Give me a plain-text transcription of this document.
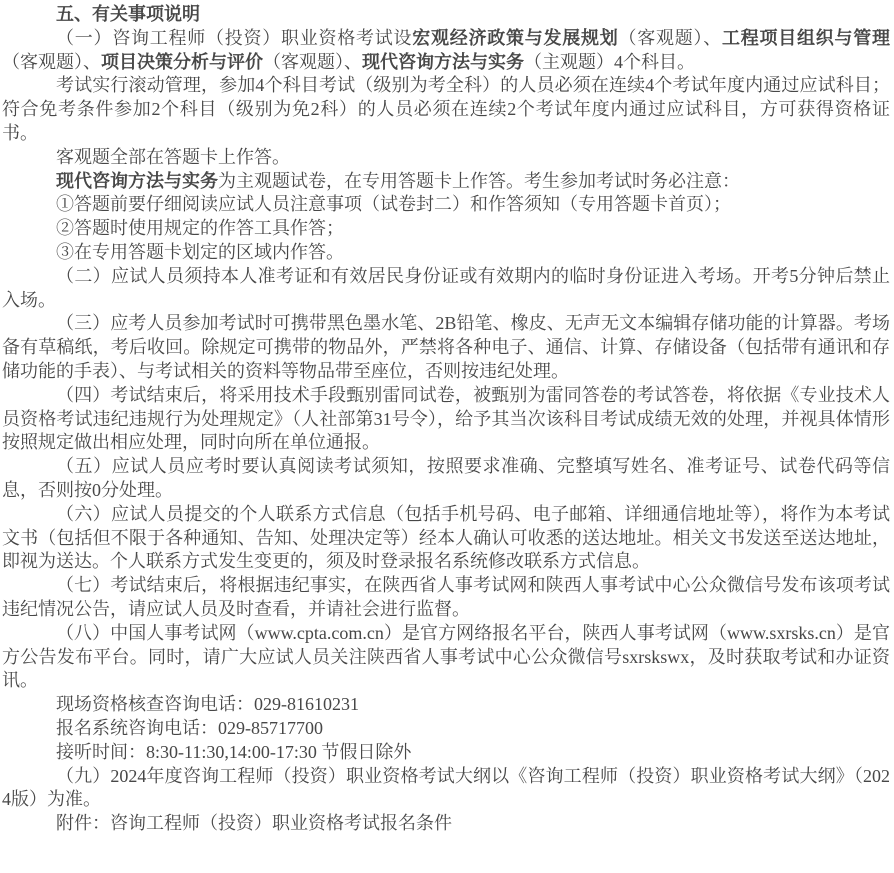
五、有关事项说明

（一）咨询工程师（投资）职业资格考试设宏观经济政策与发展规划（客观题）、工程项目组织与管理（客观题）、项目决策分析与评价（客观题）、现代咨询方法与实务（主观题）4个科目。

考试实行滚动管理，参加4个科目考试（级别为考全科）的人员必须在连续4个考试年度内通过应试科目；符合免考条件参加2个科目（级别为免2科）的人员必须在连续2个考试年度内通过应试科目，方可获得资格证书。

客观题全部在答题卡上作答。

现代咨询方法与实务为主观题试卷，在专用答题卡上作答。考生参加考试时务必注意：

①答题前要仔细阅读应试人员注意事项（试卷封二）和作答须知（专用答题卡首页）；

②答题时使用规定的作答工具作答；

③在专用答题卡划定的区域内作答。

（二）应试人员须持本人准考证和有效居民身份证或有效期内的临时身份证进入考场。开考5分钟后禁止入场。

（三）应考人员参加考试时可携带黑色墨水笔、2B铅笔、橡皮、无声无文本编辑存储功能的计算器。考场备有草稿纸，考后收回。除规定可携带的物品外，严禁将各种电子、通信、计算、存储设备（包括带有通讯和存储功能的手表）、与考试相关的资料等物品带至座位，否则按违纪处理。

（四）考试结束后，将采用技术手段甄别雷同试卷，被甄别为雷同答卷的考试答卷，将依据《专业技术人员资格考试违纪违规行为处理规定》（人社部第31号令），给予其当次该科目考试成绩无效的处理，并视具体情形按照规定做出相应处理，同时向所在单位通报。

（五）应试人员应考时要认真阅读考试须知，按照要求准确、完整填写姓名、准考证号、试卷代码等信息，否则按0分处理。

（六）应试人员提交的个人联系方式信息（包括手机号码、电子邮箱、详细通信地址等），将作为本考试文书（包括但不限于各种通知、告知、处理决定等）经本人确认可收悉的送达地址。相关文书发送至送达地址，即视为送达。个人联系方式发生变更的，须及时登录报名系统修改联系方式信息。

（七）考试结束后，将根据违纪事实，在陕西省人事考试网和陕西人事考试中心公众微信号发布该项考试违纪情况公告，请应试人员及时查看，并请社会进行监督。

（八）中国人事考试网（www.cpta.com.cn）是官方网络报名平台，陕西人事考试网（www.sxrsks.cn）是官方公告发布平台。同时，请广大应试人员关注陕西省人事考试中心公众微信号sxrskswx，及时获取考试和办证资讯。

现场资格核查咨询电话：029-81610231

报名系统咨询电话：029-85717700

接听时间：8:30-11:30,14:00-17:30 节假日除外

（九）2024年度咨询工程师（投资）职业资格考试大纲以《咨询工程师（投资）职业资格考试大纲》（2024版）为准。

附件：咨询工程师（投资）职业资格考试报名条件
